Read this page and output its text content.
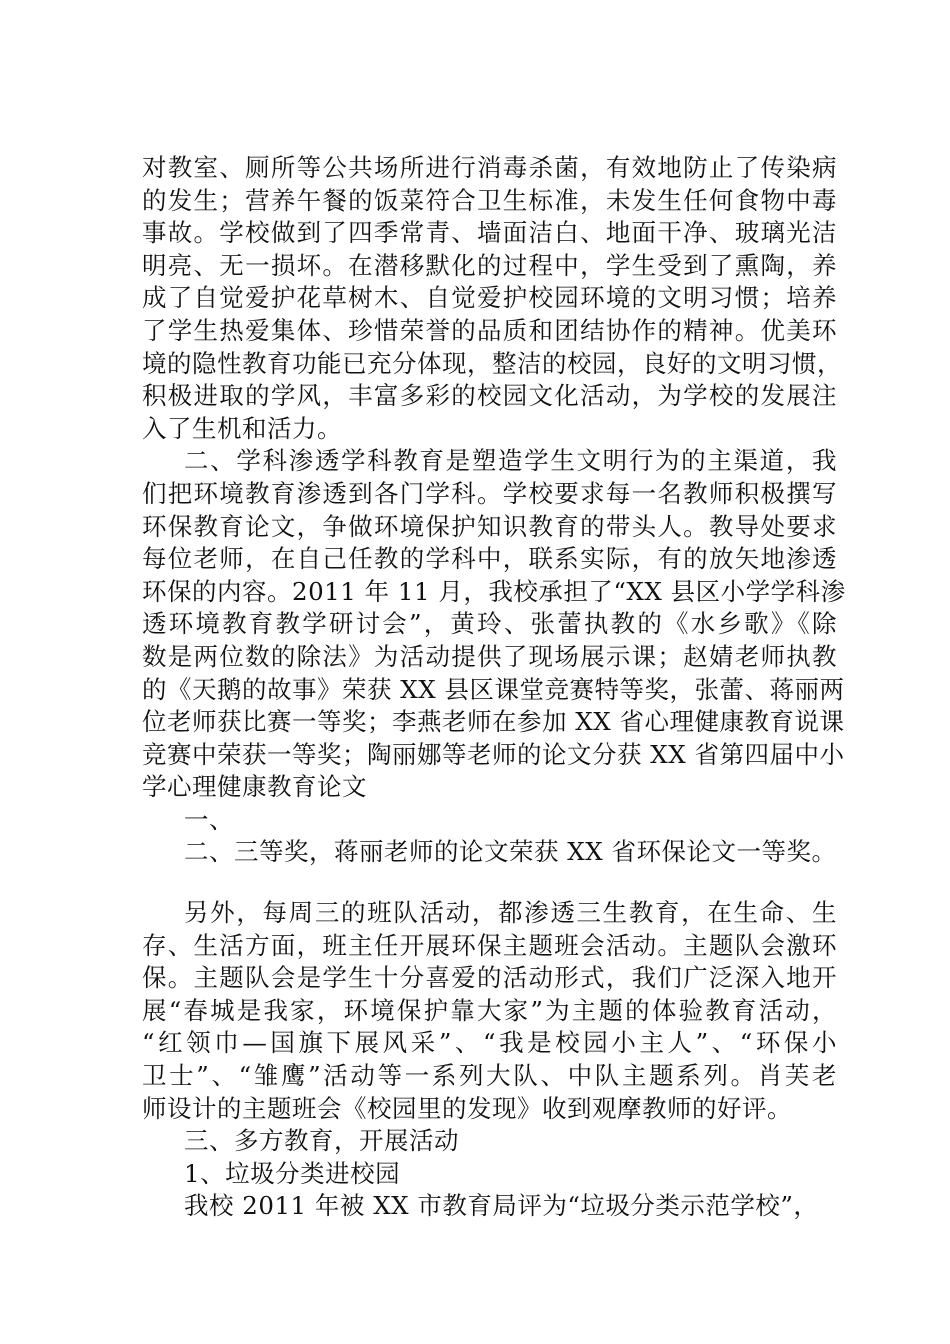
对教室、厕所等公共场所进行消毒杀菌，有效地防止了传染病
的发生；营养午餐的饭菜符合卫生标准，未发生任何食物中毒
事故。学校做到了四季常青、墙面洁白、地面干净、玻璃光洁
明亮、无一损坏。在潜移默化的过程中，学生受到了熏陶，养
成了自觉爱护花草树木、自觉爱护校园环境的文明习惯；培养
了学生热爱集体、珍惜荣誉的品质和团结协作的精神。优美环
境的隐性教育功能已充分体现，整洁的校园，良好的文明习惯，
积极进取的学风，丰富多彩的校园文化活动，为学校的发展注
入了生机和活力。
二、学科渗透学科教育是塑造学生文明行为的主渠道，我
们把环境教育渗透到各门学科。学校要求每一名教师积极撰写
环保教育论文，争做环境保护知识教育的带头人。教导处要求
每位老师，在自己任教的学科中，联系实际，有的放矢地渗透
环保的内容。2011 年 11 月，我校承担了“XX 县区小学学科渗
透环境教育教学研讨会”，黄玲、张蕾执教的《水乡歌》《除
数是两位数的除法》为活动提供了现场展示课；赵婧老师执教
的《天鹅的故事》荣获 XX 县区课堂竞赛特等奖，张蕾、蒋丽两
位老师获比赛一等奖；李燕老师在参加 XX 省心理健康教育说课
竞赛中荣获一等奖；陶丽娜等老师的论文分获 XX 省第四届中小
学心理健康教育论文
一、
二、三等奖，蒋丽老师的论文荣获 XX 省环保论文一等奖。
另外，每周三的班队活动，都渗透三生教育，在生命、生
存、生活方面，班主任开展环保主题班会活动。主题队会激环
保。主题队会是学生十分喜爱的活动形式，我们广泛深入地开
展“春城是我家，环境保护靠大家”为主题的体验教育活动，
“红领巾—国旗下展风采”、“我是校园小主人”、“环保小
卫士”、“雏鹰”活动等一系列大队、中队主题系列。肖芙老
师设计的主题班会《校园里的发现》收到观摩教师的好评。
三、多方教育，开展活动
1、垃圾分类进校园
我校 2011 年被 XX 市教育局评为“垃圾分类示范学校”，
